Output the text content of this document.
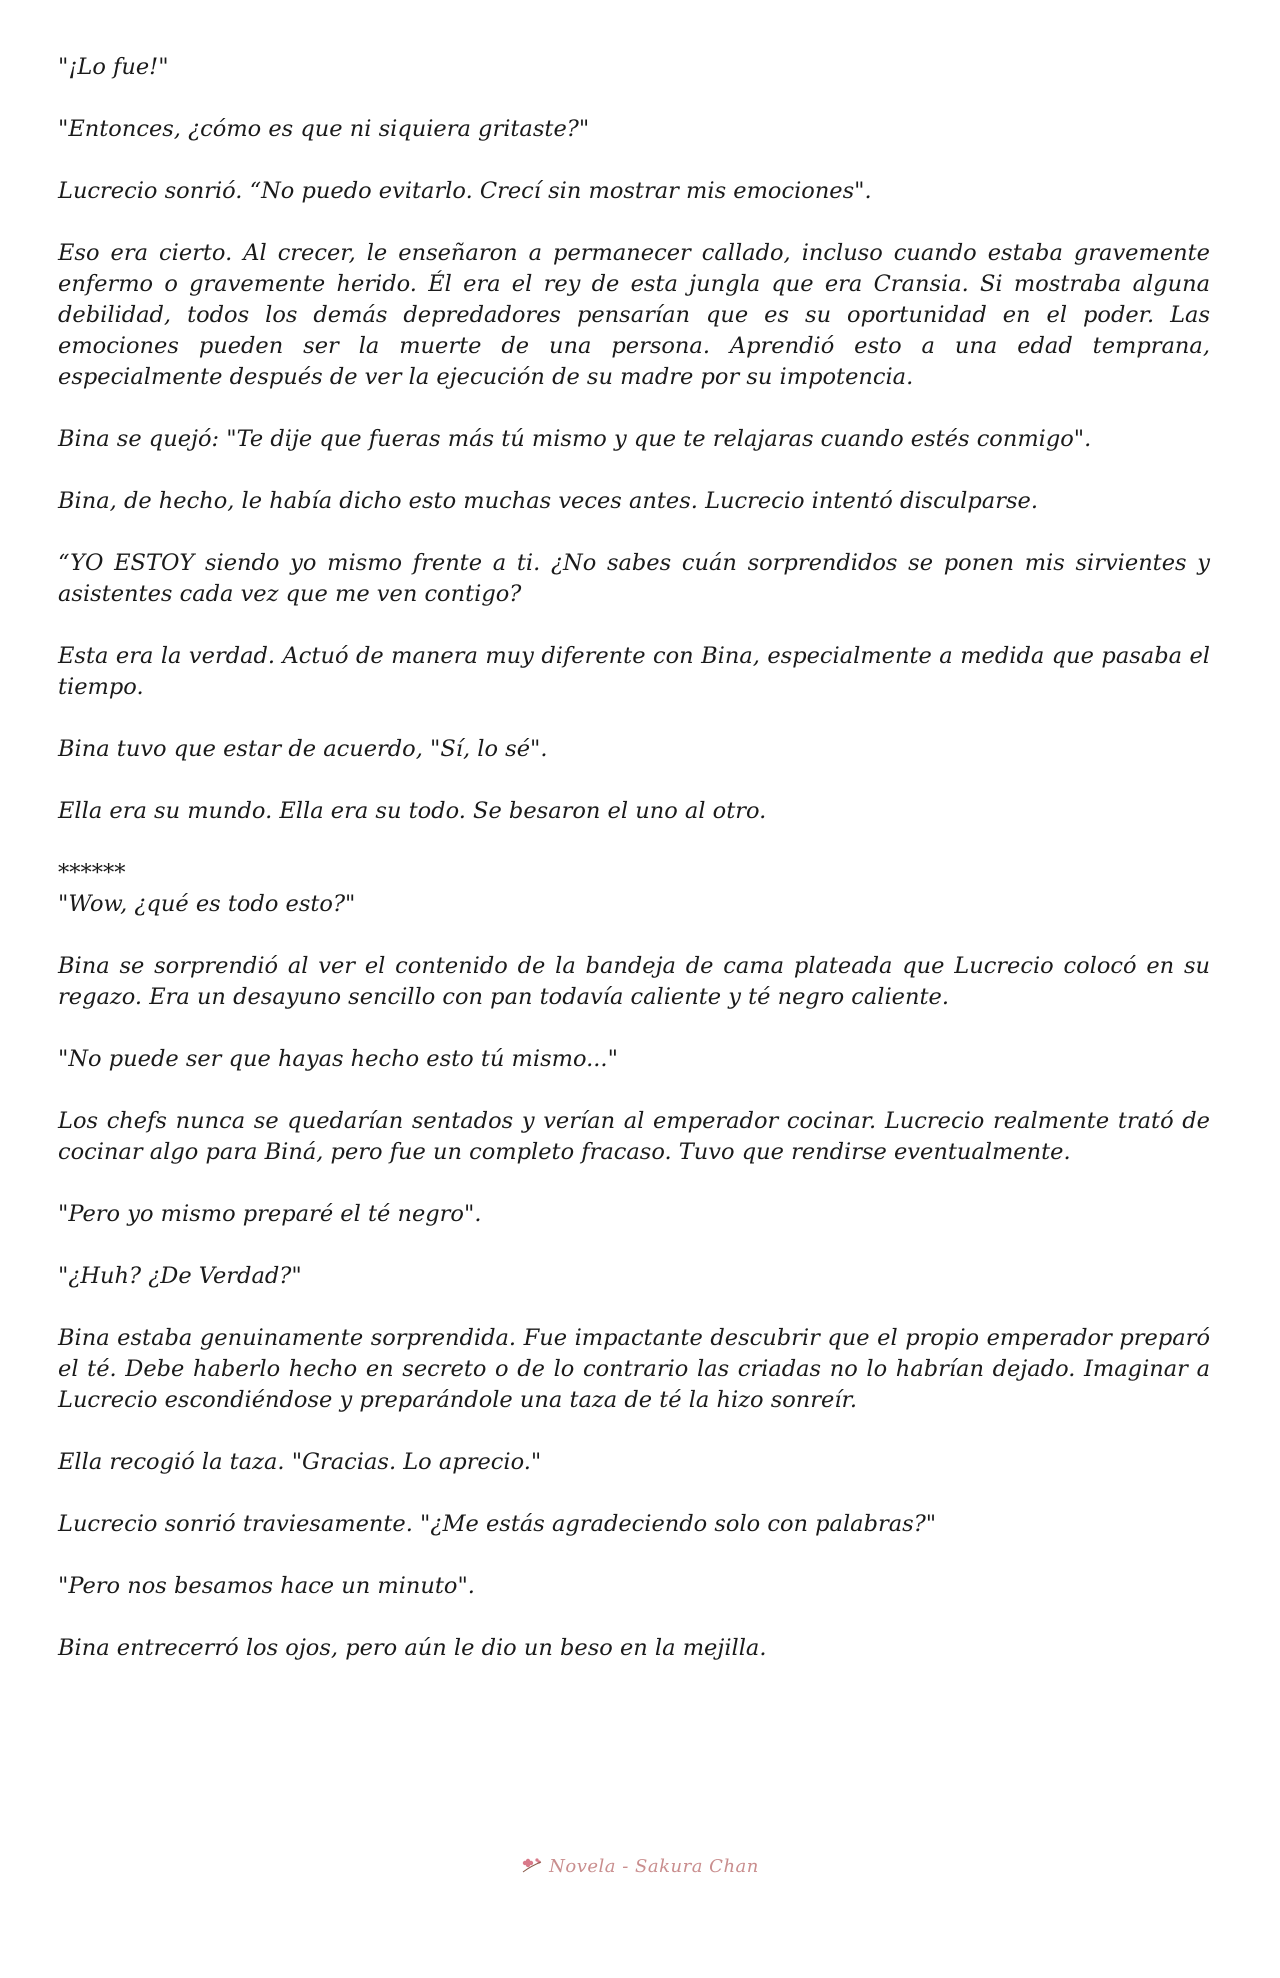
"¡Lo fue!"

"Entonces, ¿cómo es que ni siquiera gritaste?"

Lucrecio sonrió. “No puedo evitarlo. Crecí sin mostrar mis emociones".

Eso era cierto. Al crecer, le enseñaron a permanecer callado, incluso cuando estaba gravemente enfermo o gravemente herido. Él era el rey de esta jungla que era Cransia. Si mostraba alguna debilidad, todos los demás depredadores pensarían que es su oportunidad en el poder. Las emociones pueden ser la muerte de una persona. Aprendió esto a una edad temprana, especialmente después de ver la ejecución de su madre por su impotencia.

Bina se quejó: "Te dije que fueras más tú mismo y que te relajaras cuando estés conmigo".

Bina, de hecho, le había dicho esto muchas veces antes. Lucrecio intentó disculparse.

“YO ESTOY siendo yo mismo frente a ti. ¿No sabes cuán sorprendidos se ponen mis sirvientes y asistentes cada vez que me ven contigo?

Esta era la verdad. Actuó de manera muy diferente con Bina, especialmente a medida que pasaba el tiempo.

Bina tuvo que estar de acuerdo, "Sí, lo sé".

Ella era su mundo. Ella era su todo. Se besaron el uno al otro.

******

"Wow, ¿qué es todo esto?"

Bina se sorprendió al ver el contenido de la bandeja de cama plateada que Lucrecio colocó en su regazo. Era un desayuno sencillo con pan todavía caliente y té negro caliente.

"No puede ser que hayas hecho esto tú mismo..."

Los chefs nunca se quedarían sentados y verían al emperador cocinar. Lucrecio realmente trató de cocinar algo para Biná, pero fue un completo fracaso. Tuvo que rendirse eventualmente.

"Pero yo mismo preparé el té negro".

"¿Huh? ¿De Verdad?"

Bina estaba genuinamente sorprendida. Fue impactante descubrir que el propio emperador preparó el té. Debe haberlo hecho en secreto o de lo contrario las criadas no lo habrían dejado. Imaginar a Lucrecio escondiéndose y preparándole una taza de té la hizo sonreír.

Ella recogió la taza. "Gracias. Lo aprecio."

Lucrecio sonrió traviesamente. "¿Me estás agradeciendo solo con palabras?"

"Pero nos besamos hace un minuto".

Bina entrecerró los ojos, pero aún le dio un beso en la mejilla.

Novela - Sakura Chan
